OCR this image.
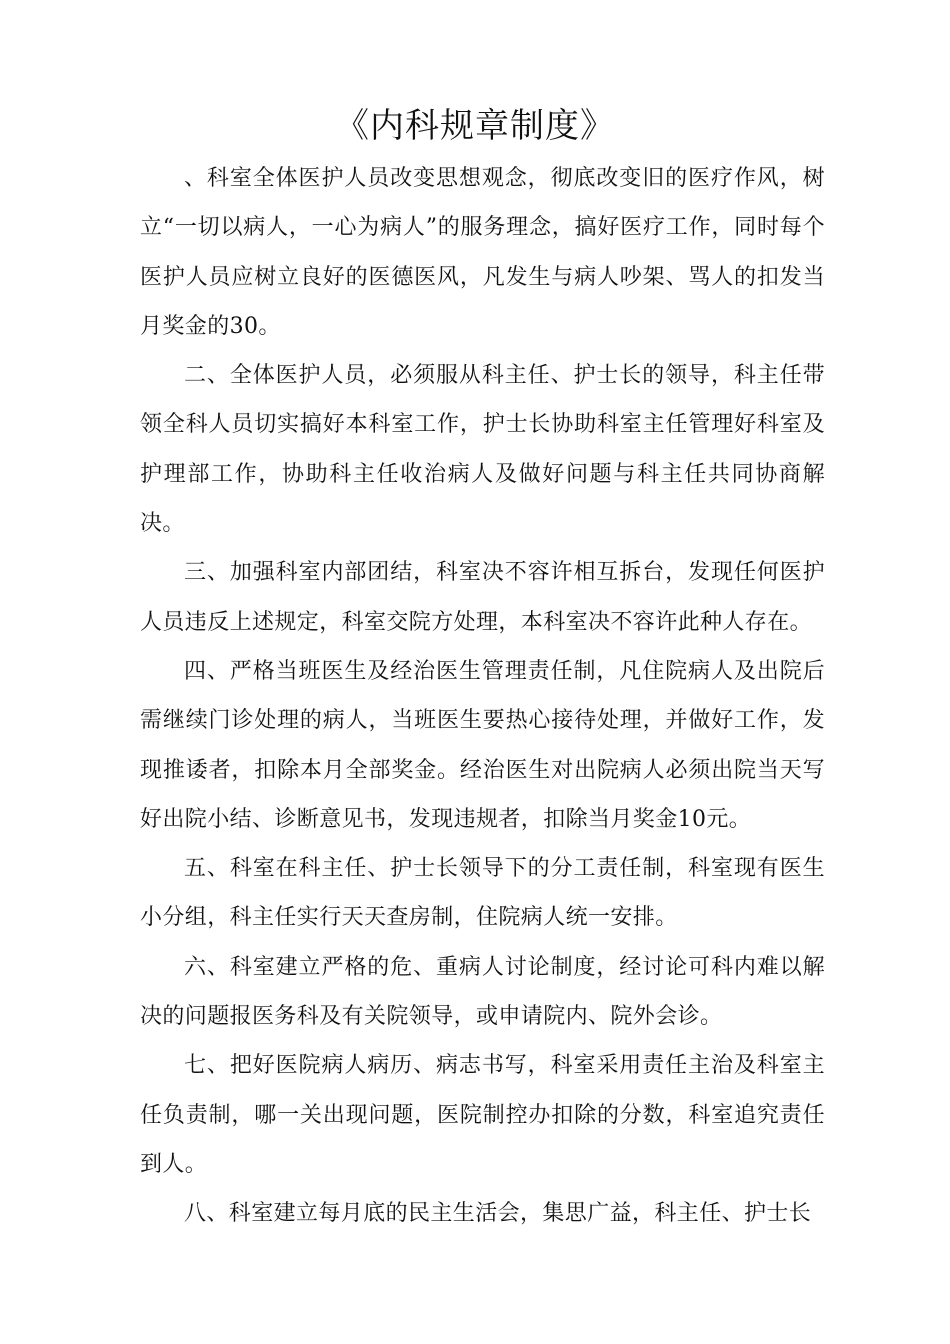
《内科规章制度》

、科室全体医护人员改变思想观念，彻底改变旧的医疗作风，树立“一切以病人，一心为病人”的服务理念，搞好医疗工作，同时每个医护人员应树立良好的医德医风，凡发生与病人吵架、骂人的扣发当月奖金的30。

二、全体医护人员，必须服从科主任、护士长的领导，科主任带领全科人员切实搞好本科室工作，护士长协助科室主任管理好科室及护理部工作，协助科主任收治病人及做好问题与科主任共同协商解决。

三、加强科室内部团结，科室决不容许相互拆台，发现任何医护人员违反上述规定，科室交院方处理，本科室决不容许此种人存在。

四、严格当班医生及经治医生管理责任制，凡住院病人及出院后需继续门诊处理的病人，当班医生要热心接待处理，并做好工作，发现推诿者，扣除本月全部奖金。经治医生对出院病人必须出院当天写好出院小结、诊断意见书，发现违规者，扣除当月奖金10元。

五、科室在科主任、护士长领导下的分工责任制，科室现有医生小分组，科主任实行天天查房制，住院病人统一安排。

六、科室建立严格的危、重病人讨论制度，经讨论可科内难以解决的问题报医务科及有关院领导，或申请院内、院外会诊。

七、把好医院病人病历、病志书写，科室采用责任主治及科室主任负责制，哪一关出现问题，医院制控办扣除的分数，科室追究责任到人。

八、科室建立每月底的民主生活会，集思广益，科主任、护士长
